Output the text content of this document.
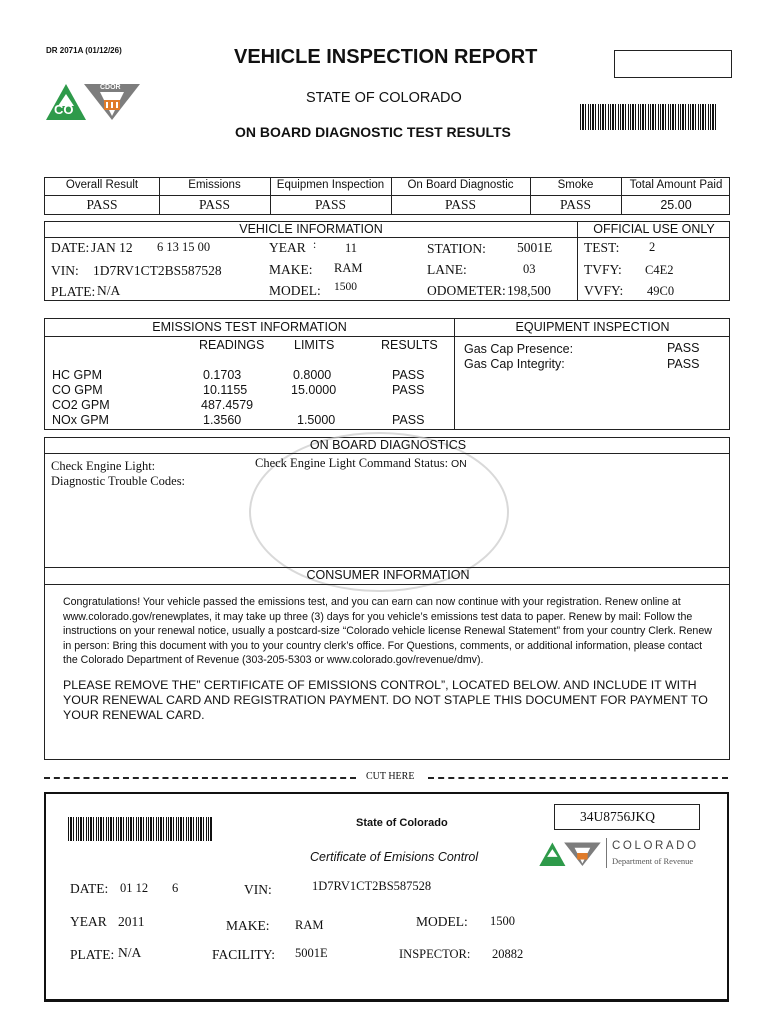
DR 2071A (01/12/26)	VEHICLE INSPECTION REPORT
STATE OF COLORADO
ON BOARD DIAGNOSTIC TEST RESULTS
CO
CDOR
Overall Result	Emissions	Equipmen Inspection	On Board Diagnostic	Smoke	Total Amount Paid
PASS	PASS	PASS	PASS	PASS	25.00
VEHICLE INFORMATION	OFFICIAL USE ONLY
DATE: JAN 12 6 13 15 00
VIN: 1D7RV1CT2BS587528
PLATE: N/A
YEAR : 11
MAKE: RAM
MODEL: 1500
STATION: 5001E
LANE:	03
ODOMETER: 198,500
TEST: 2
TVFY: C4E2
VVFY: 49C0
EMISSIONS TEST INFORMATION	EQUIPMENT INSPECTION
READINGS LIMITS	RESULTS
HC GPM	0.1703	0.8000	PASS
CO GPM	10.1155	15.0000	PASS
CO2 GPM	487.4579
NOx GPM	1.3560	1.5000	PASS
Gas Cap Presence:	PASS
Gas Cap Integrity:	PASS
ON BOARD DIAGNOSTICS
Check Engine Light:	Check Engine Light Command Status: ON
Diagnostic Trouble Codes:
CONSUMER INFORMATION
Congratulations! Your vehicle passed the emissions test, and you can earn can now continue with your registration. Renew online at www.colorado.gov/renewplates, it may take up three (3) days for you vehicle’s emissions test data to paper. Renew by mail: Follow the instructions on your renewal notice, usually a postcard-size “Colorado vehicle license Renewal Statement” from your country Clerk. Renew in person: Bring this document with you to your country clerk’s office. For Questions, comments, or additional information, please contact the Colorado Department of Revenue (303-205-5303 or www.colorado.gov/revenue/dmv).
PLEASE REMOVE THE” CERTIFICATE OF EMISSIONS CONTROL”, LOCATED BELOW. AND INCLUDE IT WITH YOUR RENEWAL CARD AND REGISTRATION PAYMENT. DO NOT STAPLE THIS DOCUMENT FOR PAYMENT TO YOUR RENEWAL CARD.
CUT HERE
State of Colorado
Certificate of Emisions Control
34U8756JKQ
COLORADO
Department of Revenue
DATE: 01 12 6	VIN:	1D7RV1CT2BS587528
YEAR 2011	MAKE: RAM	MODEL: 1500
PLATE: N/A	FACILITY: 5001E	INSPECTOR: 20882
